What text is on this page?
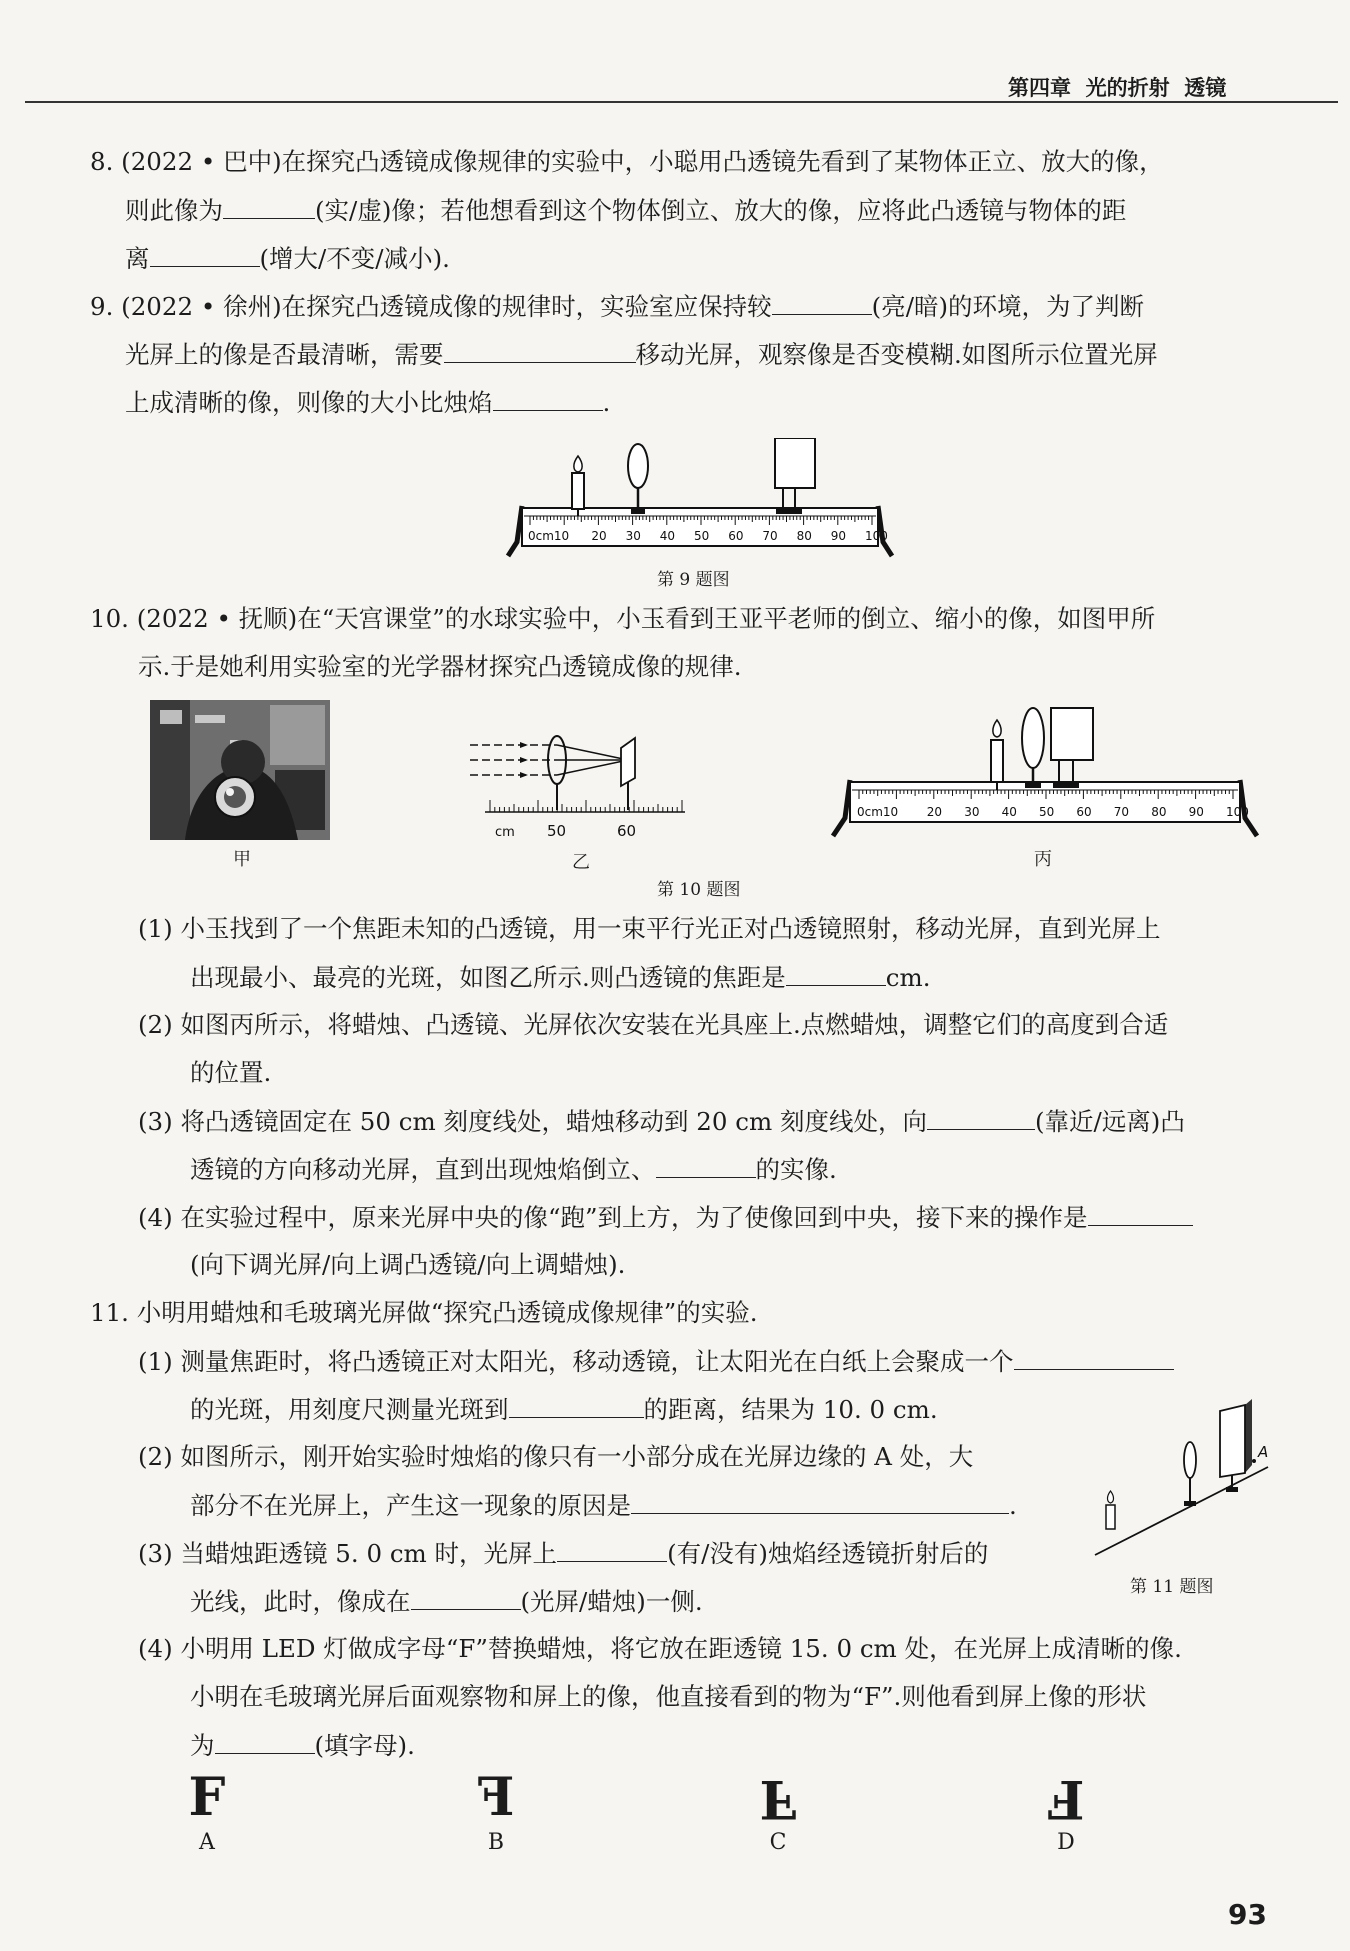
第四章 光的折射 透镜
8. (2022 • 巴中)在探究凸透镜成像规律的实验中，小聪用凸透镜先看到了某物体正立、放大的像，
则此像为	(实/虚)像；若他想看到这个物体倒立、放大的像，应将此凸透镜与物体的距
离	(增大/不变/减小).
9. (2022 • 徐州)在探究凸透镜成像的规律时，实验室应保持较	(亮/暗)的环境，为了判断
光屏上的像是否最清晰，需要	移动光屏，观察像是否变模糊.如图所示位置光屏
上成清晰的像，则像的大小比烛焰	.
0cm10 20 30 40 50 60 70 80 90 100
第 9 题图
10. (2022 • 抚顺)在“天宫课堂”的水球实验中，小玉看到王亚平老师的倒立、缩小的像，如图甲所
示.于是她利用实验室的光学器材探究凸透镜成像的规律.
甲
cm 50	60
乙
0cm10 20 30 40 50 60 70 80 90 100
丙
第 10 题图
(1) 小玉找到了一个焦距未知的凸透镜，用一束平行光正对凸透镜照射，移动光屏，直到光屏上
出现最小、最亮的光斑，如图乙所示.则凸透镜的焦距是	cm.
(2) 如图丙所示，将蜡烛、凸透镜、光屏依次安装在光具座上.点燃蜡烛，调整它们的高度到合适
的位置.
(3) 将凸透镜固定在 50 cm 刻度线处，蜡烛移动到 20 cm 刻度线处，向	(靠近/远离)凸
透镜的方向移动光屏，直到出现烛焰倒立、	的实像.
(4) 在实验过程中，原来光屏中央的像“跑”到上方，为了使像回到中央，接下来的操作是
(向下调光屏/向上调凸透镜/向上调蜡烛).
11. 小明用蜡烛和毛玻璃光屏做“探究凸透镜成像规律”的实验.
(1) 测量焦距时，将凸透镜正对太阳光，移动透镜，让太阳光在白纸上会聚成一个
的光斑，用刻度尺测量光斑到	的距离，结果为 10. 0 cm.
(2) 如图所示，刚开始实验时烛焰的像只有一小部分成在光屏边缘的 A 处，大
部分不在光屏上，产生这一现象的原因是	.
(3) 当蜡烛距透镜 5. 0 cm 时，光屏上	(有/没有)烛焰经透镜折射后的
光线，此时，像成在	(光屏/蜡烛)一侧.
A
第 11 题图
(4) 小明用 LED 灯做成字母“F”替换蜡烛，将它放在距透镜 15. 0 cm 处，在光屏上成清晰的像.
小明在毛玻璃光屏后面观察物和屏上的像，他直接看到的物为“F”.则他看到屏上像的形状
为	(填字母).
F
A
F
B
F
C
F
D
93
